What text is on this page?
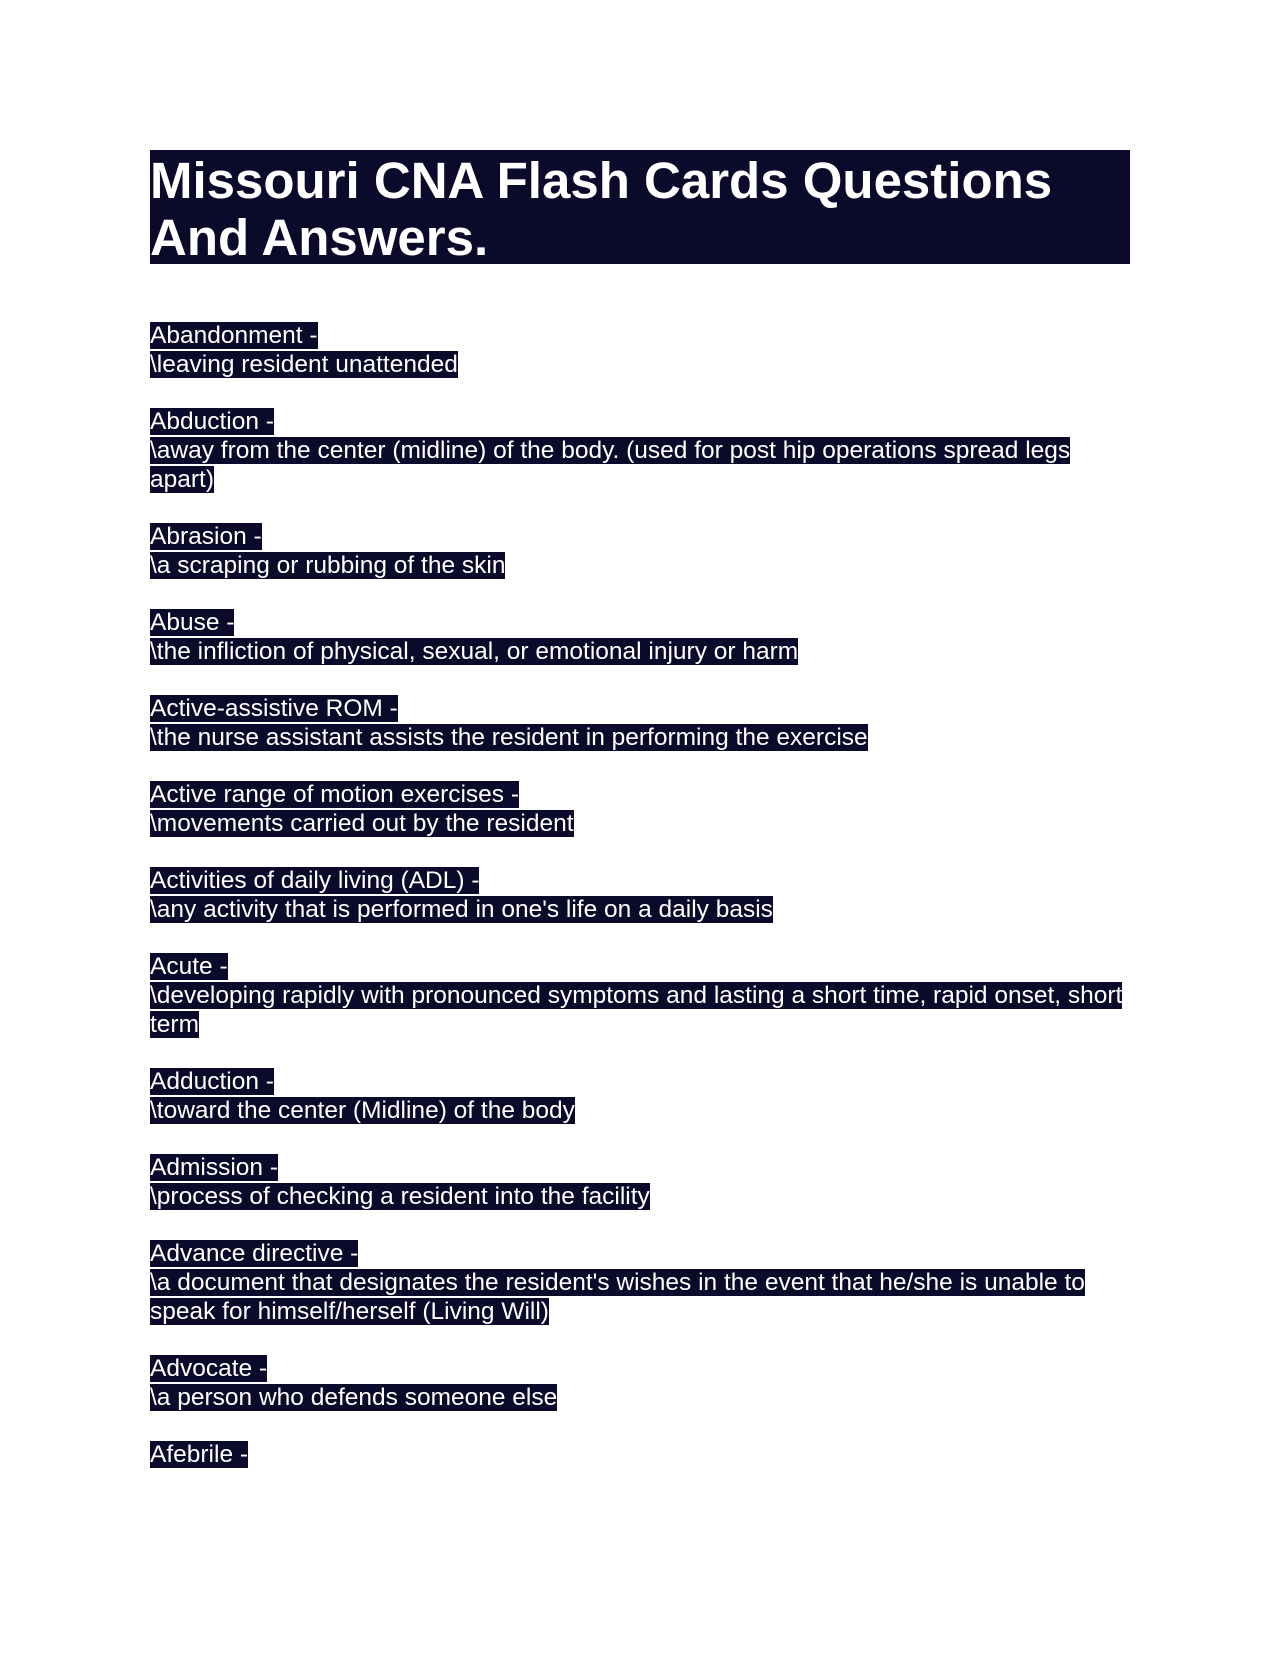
Missouri CNA Flash Cards Questions And Answers.
Abandonment -
\leaving resident unattended
Abduction -
\away from the center (midline) of the body. (used for post hip operations spread legs apart)
Abrasion -
\a scraping or rubbing of the skin
Abuse -
\the infliction of physical, sexual, or emotional injury or harm
Active-assistive ROM -
\the nurse assistant assists the resident in performing the exercise
Active range of motion exercises -
\movements carried out by the resident
Activities of daily living (ADL) -
\any activity that is performed in one's life on a daily basis
Acute -
\developing rapidly with pronounced symptoms and lasting a short time, rapid onset, short term
Adduction -
\toward the center (Midline) of the body
Admission -
\process of checking a resident into the facility
Advance directive -
\a document that designates the resident's wishes in the event that he/she is unable to speak for himself/herself (Living Will)
Advocate -
\a person who defends someone else
Afebrile -
